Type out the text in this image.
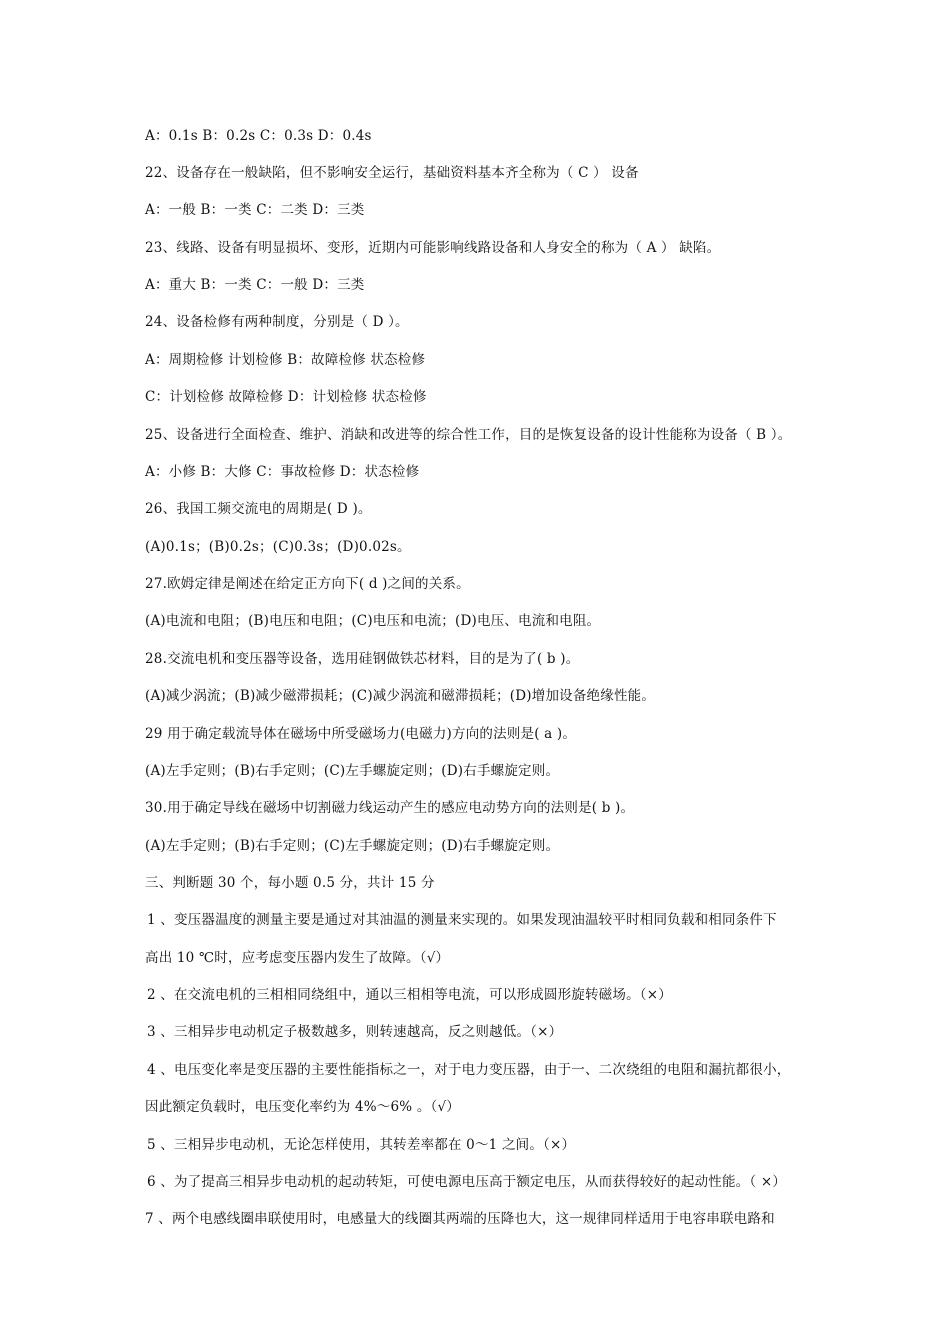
A：0.1s B：0.2s C：0.3s D：0.4s
22、设备存在一般缺陷，但不影响安全运行，基础资料基本齐全称为（ C ） 设备
A：一般 B：一类 C：二类 D：三类
23、线路、设备有明显损坏、变形，近期内可能影响线路设备和人身安全的称为（ A ） 缺陷。
A：重大 B：一类 C：一般 D：三类
24、设备检修有两种制度，分别是（ D ）。
A：周期检修 计划检修 B：故障检修 状态检修
C：计划检修 故障检修 D：计划检修 状态检修
25、设备进行全面检查、维护、消缺和改进等的综合性工作，目的是恢复设备的设计性能称为设备（ B ）。
A：小修 B：大修 C：事故检修 D：状态检修
26、我国工频交流电的周期是( D )。
(A)0.1s；(B)0.2s；(C)0.3s；(D)0.02s。
27.欧姆定律是阐述在给定正方向下( d )之间的关系。
(A)电流和电阻；(B)电压和电阻；(C)电压和电流；(D)电压、电流和电阻。
28.交流电机和变压器等设备，选用硅钢做铁芯材料，目的是为了( b )。
(A)减少涡流；(B)减少磁滞损耗；(C)减少涡流和磁滞损耗；(D)增加设备绝缘性能。
29 用于确定载流导体在磁场中所受磁场力(电磁力)方向的法则是( a )。
(A)左手定则；(B)右手定则；(C)左手螺旋定则；(D)右手螺旋定则。
30.用于确定导线在磁场中切割磁力线运动产生的感应电动势方向的法则是( b )。
(A)左手定则；(B)右手定则；(C)左手螺旋定则；(D)右手螺旋定则。
三、判断题 30 个，每小题 0.5 分，共计 15 分
1 、变压器温度的测量主要是通过对其油温的测量来实现的。如果发现油温较平时相同负载和相同条件下
高出 10 ℃时，应考虑变压器内发生了故障。（√）
2 、在交流电机的三相相同绕组中，通以三相相等电流，可以形成圆形旋转磁场。（×）
3 、三相异步电动机定子极数越多，则转速越高，反之则越低。（×）
4 、电压变化率是变压器的主要性能指标之一，对于电力变压器，由于一、二次绕组的电阻和漏抗都很小，
因此额定负载时，电压变化率约为 4%～6% 。（√）
5 、三相异步电动机，无论怎样使用，其转差率都在 0～1 之间。（×）
6 、为了提高三相异步电动机的起动转矩，可使电源电压高于额定电压，从而获得较好的起动性能。（ ×）
7 、两个电感线圈串联使用时，电感量大的线圈其两端的压降也大，这一规律同样适用于电容串联电路和
